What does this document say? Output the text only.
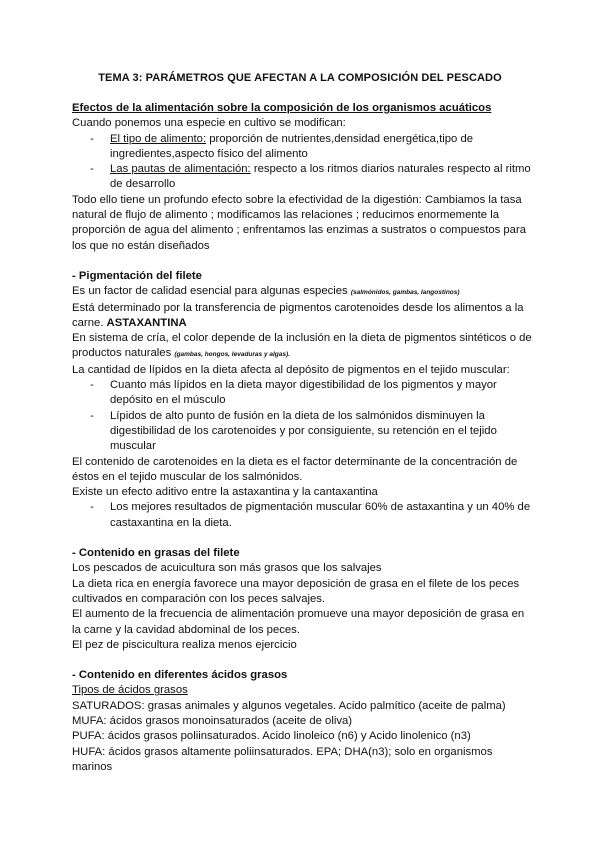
TEMA 3: PARÁMETROS QUE AFECTAN A LA COMPOSICIÓN DEL PESCADO

Efectos de la alimentación sobre la composición de los organismos acuáticos

Cuando ponemos una especie en cultivo se modifican:

- El tipo de alimento: proporción de nutrientes,densidad energética,tipo de ingredientes,aspecto físico del alimento
- Las pautas de alimentación: respecto a los ritmos diarios naturales respecto al ritmo de desarrollo

Todo ello tiene un profundo efecto sobre la efectividad de la digestión: Cambiamos la tasa natural de flujo de alimento ; modificamos las relaciones ; reducimos enormemente la proporción de agua del alimento ; enfrentamos las enzimas a sustratos o compuestos para los que no están diseñados

- Pigmentación del filete

Es un factor de calidad esencial para algunas especies (salmónidos, gambas, langostinos)

Está determinado por la transferencia de pigmentos carotenoides desde los alimentos a la carne. ASTAXANTINA

En sistema de cría, el color depende de la inclusión en la dieta de pigmentos sintéticos o de productos naturales (gambas, hongos, levaduras y algas).

La cantidad de lípidos en la dieta afecta al depósito de pigmentos en el tejido muscular:

- Cuanto más lípidos en la dieta mayor digestibilidad de los pigmentos y mayor depósito en el músculo
- Lípidos de alto punto de fusión en la dieta de los salmónidos disminuyen la digestibilidad de los carotenoides y por consiguiente, su retención en el tejido muscular

El contenido de carotenoides en la dieta es el factor determinante de la concentración de éstos en el tejido muscular de los salmónidos.

Existe un efecto aditivo entre la astaxantina y la cantaxantina

- Los mejores resultados de pigmentación muscular 60% de astaxantina y un 40% de castaxantina en la dieta.

- Contenido en grasas del filete

Los pescados de acuicultura son más grasos que los salvajes

La dieta rica en energía favorece una mayor deposición de grasa en el filete de los peces cultivados en comparación con los peces salvajes.

El aumento de la frecuencia de alimentación promueve una mayor deposición de grasa en la carne y la cavidad abdominal de los peces.

El pez de piscicultura realiza menos ejercicio

- Contenido en diferentes ácidos grasos

Tipos de ácidos grasos

SATURADOS: grasas animales y algunos vegetales. Acido palmítico (aceite de palma)

MUFA: ácidos grasos monoinsaturados (aceite de oliva)

PUFA: ácidos grasos poliinsaturados. Acido linoleico (n6) y Acido linolenico (n3)

HUFA: ácidos grasos altamente poliinsaturados. EPA; DHA(n3); solo en organismos marinos
